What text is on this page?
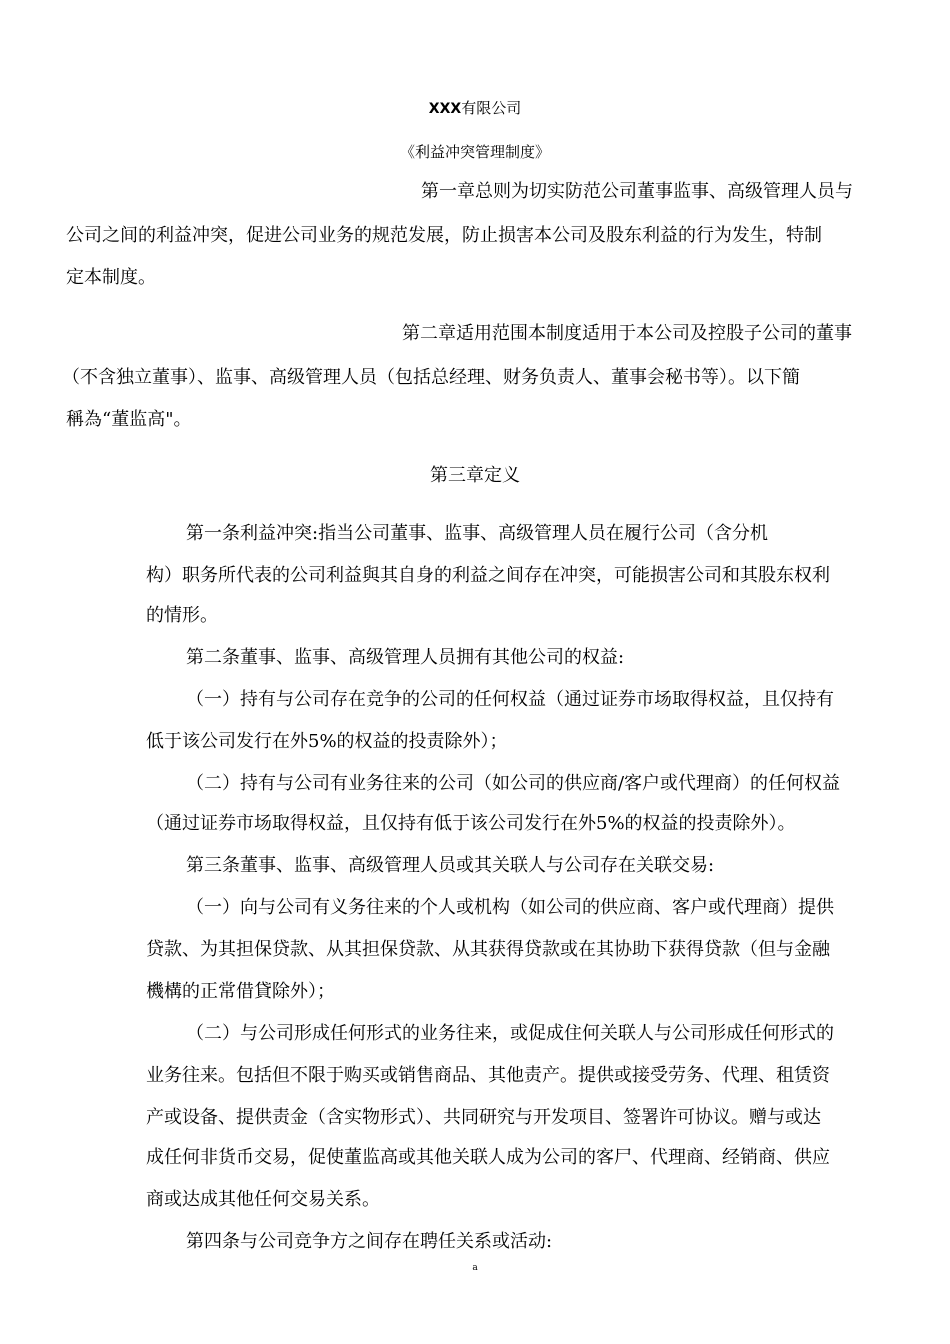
XXX有限公司
《利益冲突管理制度》
第一章总则为切实防范公司董事监事、高级管理人员与
公司之间的利益冲突，促进公司业务的规范发展，防止损害本公司及股东利益的行为发生，特制
定本制度。
第二章适用范围本制度适用于本公司及控股子公司的董事
（不含独立董事）、监事、高级管理人员（包括总经理、财务负责人、董事会秘书等）。以下簡
稱為“董监高"。
第三章定义
第一条利益冲突:指当公司董事、监事、高级管理人员在履行公司（含分机
构）职务所代表的公司利益與其自身的利益之间存在冲突，可能损害公司和其股东权利
的情形。
第二条董事、监事、高级管理人员拥有其他公司的权益:
（一）持有与公司存在竞争的公司的任何权益（通过证券市场取得权益，且仅持有
低于该公司发行在外5%的权益的投责除外）；
（二）持有与公司有业务往来的公司（如公司的供应商/客户或代理商）的任何权益
（通过证券市场取得权益，且仅持有低于该公司发行在外5%的权益的投责除外）。
第三条董事、监事、高级管理人员或其关联人与公司存在关联交易:
（一）向与公司有义务往来的个人或机构（如公司的供应商、客户或代理商）提供
贷款、为其担保贷款、从其担保贷款、从其获得贷款或在其协助下获得贷款（但与金融
機構的正常借貸除外）；
（二）与公司形成任何形式的业务往来，或促成住何关联人与公司形成任何形式的
业务往来。包括但不限于购买或销售商品、其他责产。提供或接受劳务、代理、租赁资
产或设备、提供责金（含实物形式）、共同研究与开发项目、签署许可协议。赠与或达
成任何非货币交易，促使董监高或其他关联人成为公司的客尸、代理商、经销商、供应
商或达成其他任何交易关系。
第四条与公司竞争方之间存在聘任关系或活动:
a
